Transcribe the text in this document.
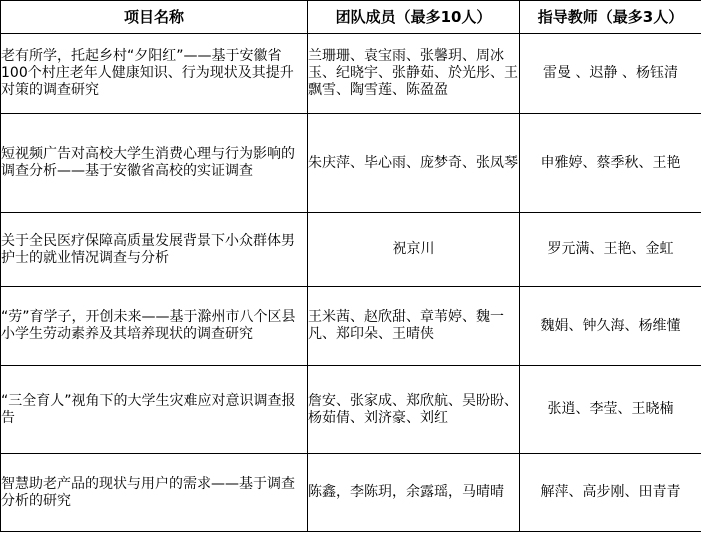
项目名称	团队成员（最多10人）	指导教师（最多3人）

老有所学，托起乡村“夕阳红”——基于安徽省100个村庄老年人健康知识、行为现状及其提升对策的调查研究	兰珊珊、袁宝雨、张馨玥、周冰玉、纪晓宇、张静茹、於光彤、王飘雪、陶雪莲、陈盈盈	雷曼 、迟静 、杨钰清

短视频广告对高校大学生消费心理与行为影响的调查分析——基于安徽省高校的实证调查	朱庆萍、毕心雨、庞梦奇、张凤琴	申雅婷、蔡季秋、王艳

关于全民医疗保障高质量发展背景下小众群体男护士的就业情况调查与分析	祝京川	罗元满、王艳、金虹

“劳”育学子，开创未来——基于滁州市八个区县小学生劳动素养及其培养现状的调查研究	王米茜、赵欣甜、章苇婷、魏一凡、郑印朵、王晴侠	魏娟、钟久海、杨维懂

“三全育人”视角下的大学生灾难应对意识调查报告	詹安、张家成、郑欣航、吴盼盼、杨茹倩、刘济豪、刘红	张逍、李莹、王晓楠

智慧助老产品的现状与用户的需求——基于调查分析的研究	陈鑫，李陈玥，余露瑶，马晴晴	解萍、高步刚、田青青
